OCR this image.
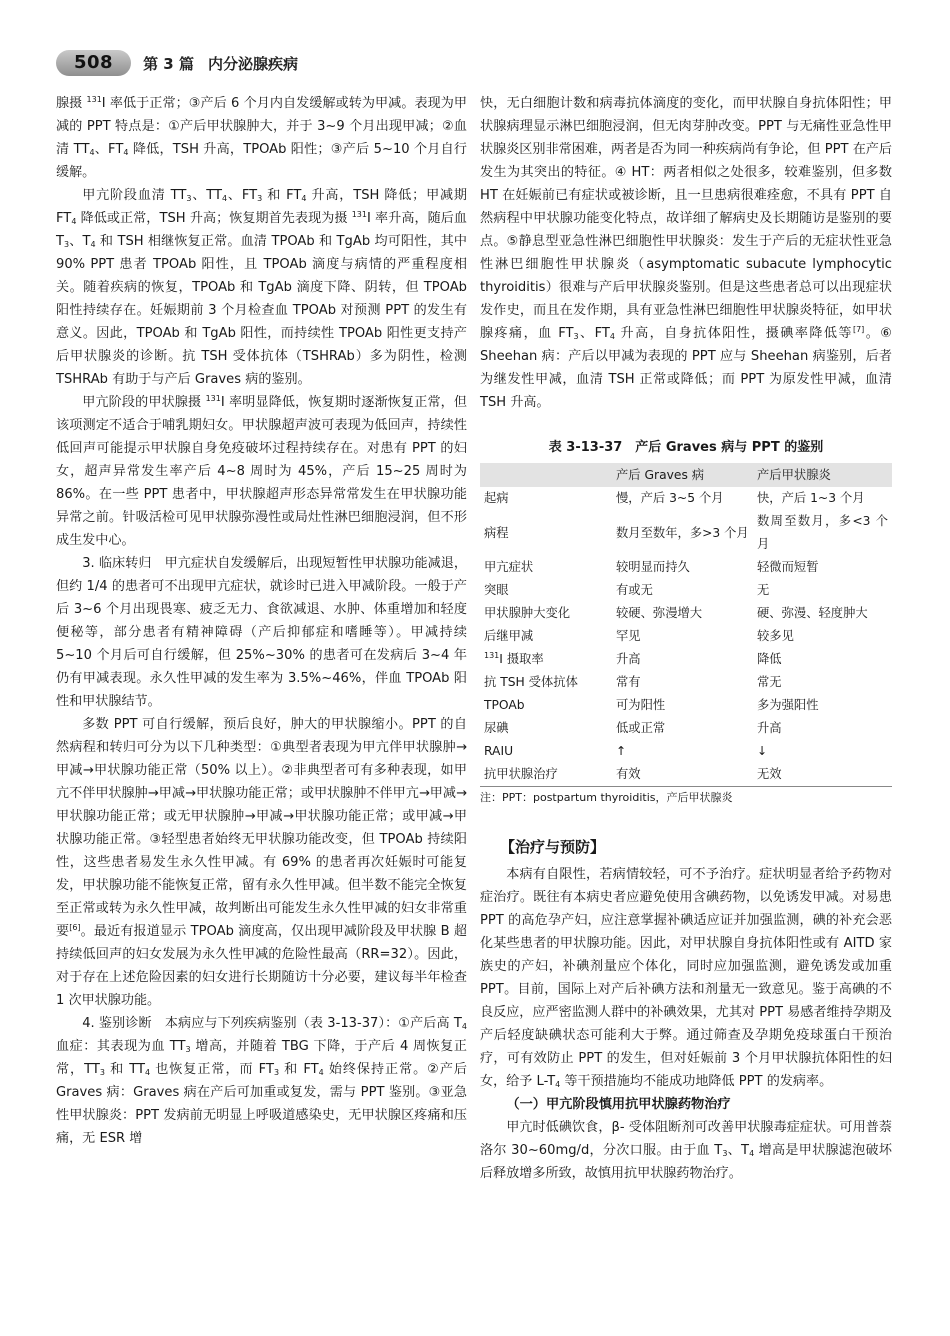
508	第 3 篇 内分泌腺疾病

腺摄 $^{131}$I 率低于正常；③产后 6 个月内自发缓解或转为甲减。表现为甲减的 PPT 特点是：①产后甲状腺肿大，并于 3~9 个月出现甲减；②血清 $TT_4$、$FT_4$ 降低，TSH 升高，TPOAb 阳性；③产后 5~10 个月自行缓解。

甲亢阶段血清 $TT_3$、$TT_4$、$FT_3$ 和 $FT_4$ 升高，TSH 降低；甲减期 $FT_4$ 降低或正常，TSH 升高；恢复期首先表现为摄 $^{131}$I 率升高，随后血 $T_3$、$T_4$ 和 TSH 相继恢复正常。血清 TPOAb 和 TgAb 均可阳性，其中 90% PPT 患者 TPOAb 阳性，且 TPOAb 滴度与病情的严重程度相关。随着疾病的恢复，TPOAb 和 TgAb 滴度下降、阴转，但 TPOAb 阳性持续存在。妊娠期前 3 个月检查血 TPOAb 对预测 PPT 的发生有意义。因此，TPOAb 和 TgAb 阳性，而持续性 TPOAb 阳性更支持产后甲状腺炎的诊断。抗 TSH 受体抗体（TSHRAb）多为阴性，检测 TSHRAb 有助于与产后 Graves 病的鉴别。

甲亢阶段的甲状腺摄 $^{131}$I 率明显降低，恢复期时逐渐恢复正常，但该项测定不适合于哺乳期妇女。甲状腺超声波可表现为低回声，持续性低回声可能提示甲状腺自身免疫破坏过程持续存在。对患有 PPT 的妇女，超声异常发生率产后 4~8 周时为 45%，产后 15~25 周时为 86%。在一些 PPT 患者中，甲状腺超声形态异常常发生在甲状腺功能异常之前。针吸活检可见甲状腺弥漫性或局灶性淋巴细胞浸润，但不形成生发中心。

3. 临床转归　甲亢症状自发缓解后，出现短暂性甲状腺功能减退，但约 1/4 的患者可不出现甲亢症状，就诊时已进入甲减阶段。一般于产后 3~6 个月出现畏寒、疲乏无力、食欲减退、水肿、体重增加和轻度便秘等，部分患者有精神障碍（产后抑郁症和嗜睡等）。甲减持续 5~10 个月后可自行缓解，但 25%~30% 的患者可在发病后 3~4 年仍有甲减表现。永久性甲减的发生率为 3.5%~46%，伴血 TPOAb 阳性和甲状腺结节。

多数 PPT 可自行缓解，预后良好，肿大的甲状腺缩小。PPT 的自然病程和转归可分为以下几种类型：①典型者表现为甲亢伴甲状腺肿→甲减→甲状腺功能正常（50% 以上）。②非典型者可有多种表现，如甲亢不伴甲状腺肿→甲减→甲状腺功能正常；或甲状腺肿不伴甲亢→甲减→甲状腺功能正常；或无甲状腺肿→甲减→甲状腺功能正常；或甲减→甲状腺功能正常。③轻型患者始终无甲状腺功能改变，但 TPOAb 持续阳性，这些患者易发生永久性甲减。有 69% 的患者再次妊娠时可能复发，甲状腺功能不能恢复正常，留有永久性甲减。但半数不能完全恢复至正常或转为永久性甲减，故判断出可能发生永久性甲减的妇女非常重要[6]。最近有报道显示 TPOAb 滴度高，仅出现甲减阶段及甲状腺 B 超持续低回声的妇女发展为永久性甲减的危险性最高（RR=32）。因此，对于存在上述危险因素的妇女进行长期随访十分必要，建议每半年检查 1 次甲状腺功能。

4. 鉴别诊断　本病应与下列疾病鉴别（表 3-13-37）：①产后高 $T_4$ 血症：其表现为血 $TT_3$ 增高，并随着 TBG 下降，于产后 4 周恢复正常，$TT_3$ 和 $TT_4$ 也恢复正常，而 $FT_3$ 和 $FT_4$ 始终保持正常。②产后 Graves 病：Graves 病在产后可加重或复发，需与 PPT 鉴别。③亚急性甲状腺炎：PPT 发病前无明显上呼吸道感染史，无甲状腺区疼痛和压痛，无 ESR 增

快，无白细胞计数和病毒抗体滴度的变化，而甲状腺自身抗体阳性；甲状腺病理显示淋巴细胞浸润，但无肉芽肿改变。PPT 与无痛性亚急性甲状腺炎区别非常困难，两者是否为同一种疾病尚有争论，但 PPT 在产后发生为其突出的特征。④ HT：两者相似之处很多，较难鉴别，但多数 HT 在妊娠前已有症状或被诊断，且一旦患病很难痊愈，不具有 PPT 自然病程中甲状腺功能变化特点，故详细了解病史及长期随访是鉴别的要点。⑤静息型亚急性淋巴细胞性甲状腺炎：发生于产后的无症状性亚急性淋巴细胞性甲状腺炎（asymptomatic subacute lymphocytic thyroiditis）很难与产后甲状腺炎鉴别。但是这些患者总可以出现症状发作史，而且在发作期，具有亚急性淋巴细胞性甲状腺炎特征，如甲状腺疼痛，血 $FT_3$、$FT_4$ 升高，自身抗体阳性，摄碘率降低等[7]。⑥ Sheehan 病：产后以甲减为表现的 PPT 应与 Sheehan 病鉴别，后者为继发性甲减，血清 TSH 正常或降低；而 PPT 为原发性甲减，血清 TSH 升高。

表 3-13-37　产后 Graves 病与 PPT 的鉴别
	产后 Graves 病	产后甲状腺炎
起病	慢，产后 3~5 个月	快，产后 1~3 个月
病程	数月至数年，多>3 个月	数周至数月，多<3 个月
甲亢症状	较明显而持久	轻微而短暂
突眼	有或无	无
甲状腺肿大变化	较硬、弥漫增大	硬、弥漫、轻度肿大
后继甲减	罕见	较多见
$^{131}$I 摄取率	升高	降低
抗 TSH 受体抗体	常有	常无
TPOAb	可为阳性	多为强阳性
尿碘	低或正常	升高
RAIU	↑	↓
抗甲状腺治疗	有效	无效
注：PPT：postpartum thyroiditis，产后甲状腺炎
【治疗与预防】

本病有自限性，若病情较轻，可不予治疗。症状明显者给予药物对症治疗。既往有本病史者应避免使用含碘药物，以免诱发甲减。对易患 PPT 的高危孕产妇，应注意掌握补碘适应证并加强监测，碘的补充会恶化某些患者的甲状腺功能。因此，对甲状腺自身抗体阳性或有 AITD 家族史的产妇，补碘剂量应个体化，同时应加强监测，避免诱发或加重 PPT。目前，国际上对产后补碘方法和剂量无一致意见。鉴于高碘的不良反应，应严密监测人群中的补碘效果，尤其对 PPT 易感者维持孕期及产后轻度缺碘状态可能利大于弊。通过筛查及孕期免疫球蛋白干预治疗，可有效防止 PPT 的发生，但对妊娠前 3 个月甲状腺抗体阳性的妇女，给予 $L-T_4$ 等干预措施均不能成功地降低 PPT 的发病率。

（一）甲亢阶段慎用抗甲状腺药物治疗

甲亢时低碘饮食，β- 受体阻断剂可改善甲状腺毒症症状。可用普萘洛尔 30~60mg/d，分次口服。由于血 $T_3$、$T_4$ 增高是甲状腺滤泡破坏后释放增多所致，故慎用抗甲状腺药物治疗。
